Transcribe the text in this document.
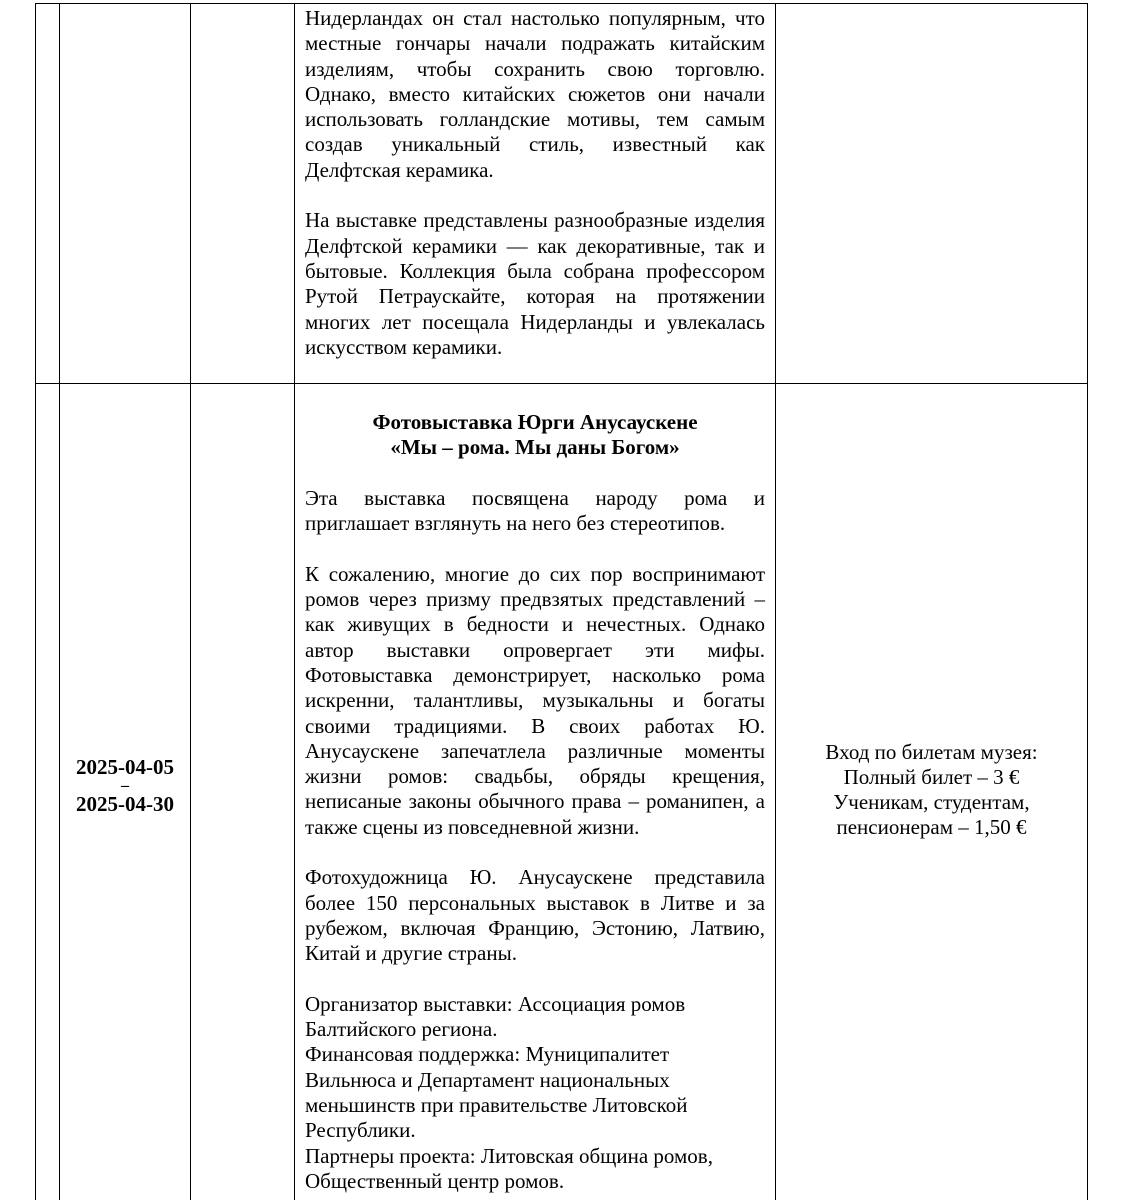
Нидерландах он стал настолько популярным, что местные гончары начали подражать китайским изделиям, чтобы сохранить свою торговлю. Однако, вместо китайских сюжетов они начали использовать голландские мотивы, тем самым создав уникальный стиль, известный как Делфтская керамика.

На выставке представлены разнообразные изделия Делфтской керамики — как декоративные, так и бытовые. Коллекция была собрана профессором Рутой Петраускайте, которая на протяжении многих лет посещала Нидерланды и увлекалась искусством керамики.

2025-04-05
–
2025-04-30
Фотовыставка Юрги Анусаускене
«Мы – рома. Мы даны Богом»

Эта выставка посвящена народу рома и приглашает взглянуть на него без стереотипов.

К сожалению, многие до сих пор воспринимают ромов через призму предвзятых представлений – как живущих в бедности и нечестных. Однако автор выставки опровергает эти мифы. Фотовыставка демонстрирует, насколько рома искренни, талантливы, музыкальны и богаты своими традициями. В своих работах Ю. Анусаускене запечатлела различные моменты жизни ромов: свадьбы, обряды крещения, неписаные законы обычного права – романипен, а также сцены из повседневной жизни.

Фотохудожница Ю. Анусаускене представила более 150 персональных выставок в Литве и за рубежом, включая Францию, Эстонию, Латвию, Китай и другие страны.

Организатор выставки: Ассоциация ромов
Балтийского региона.
Финансовая поддержка: Муниципалитет
Вильнюса и Департамент национальных
меньшинств при правительстве Литовской
Республики.
Партнеры проекта: Литовская община ромов,
Общественный центр ромов.
Вход по билетам музея:
Полный билет – 3 €
Ученикам, студентам,
пенсионерам – 1,50 €
